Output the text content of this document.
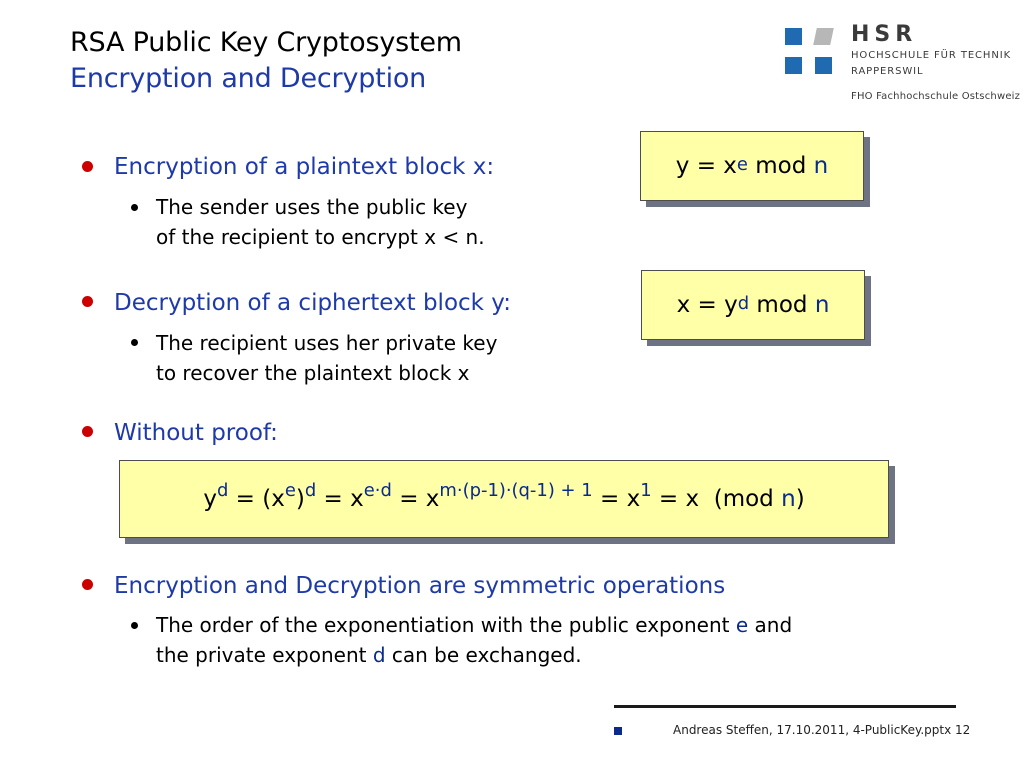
RSA Public Key Cryptosystem
Encryption and Decryption
HSR
HOCHSCHULE FÜR TECHNIK
RAPPERSWIL
FHO Fachhochschule Ostschweiz
Encryption of a plaintext block x:
The sender uses the public key
of the recipient to encrypt x < n.
$y = x^e$ mod n
Decryption of a ciphertext block y:
The recipient uses her private key
to recover the plaintext block x
$x = y^d$ mod n
Without proof:
$y^d = (x^e)^d = x^{e\cdot d} = x^{m\cdot(p-1)\cdot(q-1) + 1} = x^1 = x$  (mod n)
Encryption and Decryption are symmetric operations
The order of the exponentiation with the public exponent e and
the private exponent d can be exchanged.
Andreas Steffen, 17.10.2011, 4-PublicKey.pptx 12
